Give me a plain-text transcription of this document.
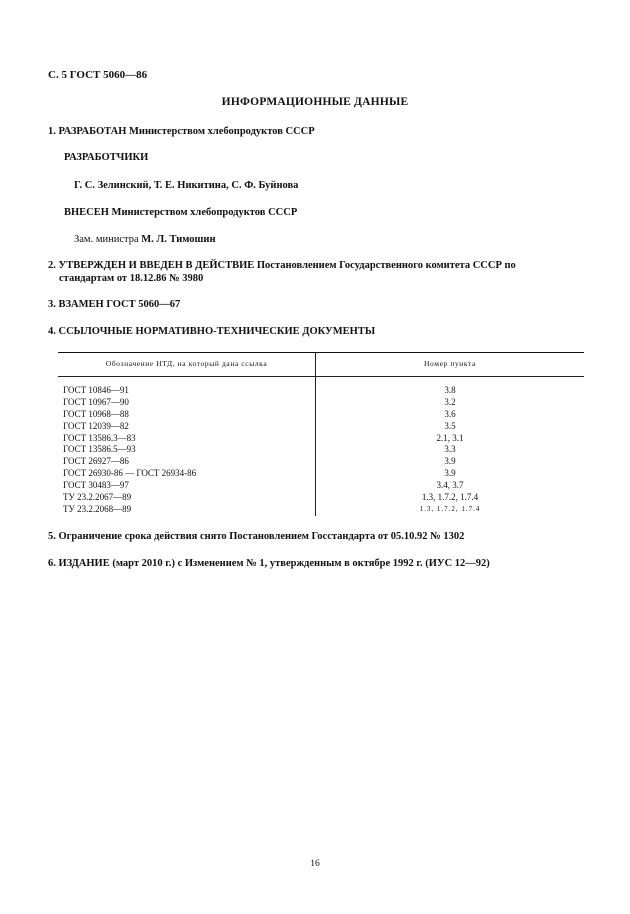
С. 5 ГОСТ 5060—86
ИНФОРМАЦИОННЫЕ ДАННЫЕ
1. РАЗРАБОТАН Министерством хлебопродуктов СССР
РАЗРАБОТЧИКИ
Г. С. Зелинский, Т. Е. Никитина, С. Ф. Буйнова
ВНЕСЕН Министерством хлебопродуктов СССР
Зам. министра М. Л. Тимошин
2. УТВЕРЖДЕН И ВВЕДЕН В ДЕЙСТВИЕ Постановлением Государственного комитета СССР по
стандартам от 18.12.86 № 3980
3. ВЗАМЕН ГОСТ 5060—67
4. ССЫЛОЧНЫЕ НОРМАТИВНО-ТЕХНИЧЕСКИЕ ДОКУМЕНТЫ
Обозначение НТД, на который дана ссылка	Номер пункта
ГОСТ 10846—91	3.8
ГОСТ 10967—90	3.2
ГОСТ 10968—88	3.6
ГОСТ 12039—82	3.5
ГОСТ 13586.3—83	2.1, 3.1
ГОСТ 13586.5—93	3.3
ГОСТ 26927—86	3.9
ГОСТ 26930-86 — ГОСТ 26934-86	3.9
ГОСТ 30483—97	3.4, 3.7
ТУ 23.2.2067—89	1.3, 1.7.2, 1.7.4
ТУ 23.2.2068—89	1.3, 1.7.2, 1.7.4
5. Ограничение срока действия снято Постановлением Госстандарта от 05.10.92 № 1302
6. ИЗДАНИЕ (март 2010 г.) с Изменением № 1, утвержденным в октябре 1992 г. (ИУС 12—92)
16
